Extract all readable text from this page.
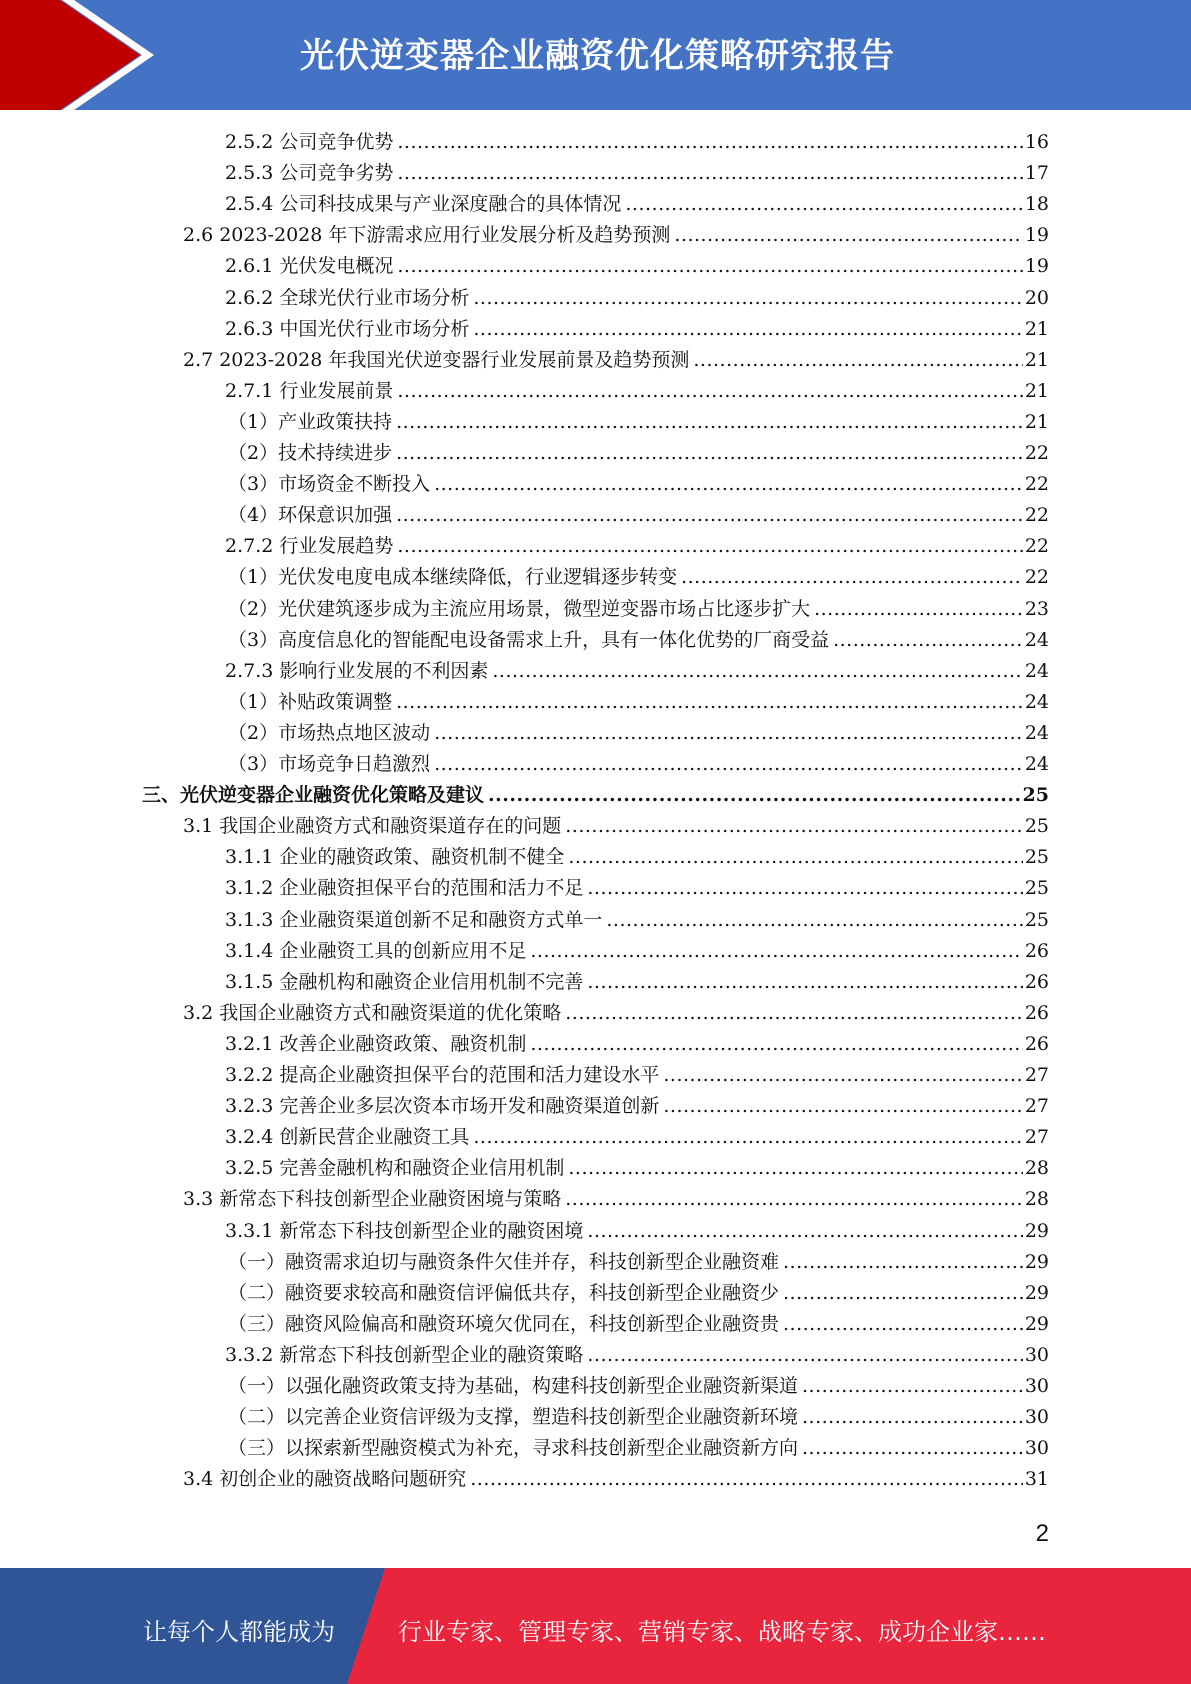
光伏逆变器企业融资优化策略研究报告
2.5.2 公司竞争优势 .....	16
2.5.3 公司竞争劣势 .....	17
2.5.4 公司科技成果与产业深度融合的具体情况 .....	18
2.6 2023-2028 年下游需求应用行业发展分析及趋势预测 .....	19
2.6.1 光伏发电概况 .....	19
2.6.2 全球光伏行业市场分析 .....	20
2.6.3 中国光伏行业市场分析 .....	21
2.7 2023-2028 年我国光伏逆变器行业发展前景及趋势预测 .....	21
2.7.1 行业发展前景 .....	21
（1）产业政策扶持 .....	21
（2）技术持续进步 .....	22
（3）市场资金不断投入 .....	22
（4）环保意识加强 .....	22
2.7.2 行业发展趋势 .....	22
（1）光伏发电度电成本继续降低，行业逻辑逐步转变 .....	22
（2）光伏建筑逐步成为主流应用场景，微型逆变器市场占比逐步扩大 .....	23
（3）高度信息化的智能配电设备需求上升，具有一体化优势的厂商受益 .....	24
2.7.3 影响行业发展的不利因素 .....	24
（1）补贴政策调整 .....	24
（2）市场热点地区波动 .....	24
（3）市场竞争日趋激烈 .....	24
三、光伏逆变器企业融资优化策略及建议 .....	25
3.1 我国企业融资方式和融资渠道存在的问题 .....	25
3.1.1 企业的融资政策、融资机制不健全 .....	25
3.1.2 企业融资担保平台的范围和活力不足 .....	25
3.1.3 企业融资渠道创新不足和融资方式单一 .....	25
3.1.4 企业融资工具的创新应用不足 .....	26
3.1.5 金融机构和融资企业信用机制不完善 .....	26
3.2 我国企业融资方式和融资渠道的优化策略 .....	26
3.2.1 改善企业融资政策、融资机制 .....	26
3.2.2 提高企业融资担保平台的范围和活力建设水平 .....	27
3.2.3 完善企业多层次资本市场开发和融资渠道创新 .....	27
3.2.4 创新民营企业融资工具 .....	27
3.2.5 完善金融机构和融资企业信用机制 .....	28
3.3 新常态下科技创新型企业融资困境与策略 .....	28
3.3.1 新常态下科技创新型企业的融资困境 .....	29
（一）融资需求迫切与融资条件欠佳并存，科技创新型企业融资难 .....	29
（二）融资要求较高和融资信评偏低共存，科技创新型企业融资少 .....	29
（三）融资风险偏高和融资环境欠优同在，科技创新型企业融资贵 .....	29
3.3.2 新常态下科技创新型企业的融资策略 .....	30
（一）以强化融资政策支持为基础，构建科技创新型企业融资新渠道 .....	30
（二）以完善企业资信评级为支撑，塑造科技创新型企业融资新环境 .....	30
（三）以探索新型融资模式为补充，寻求科技创新型企业融资新方向 .....	30
3.4 初创企业的融资战略问题研究 .....	31
2
让每个人都能成为	行业专家、管理专家、营销专家、战略专家、成功企业家……
